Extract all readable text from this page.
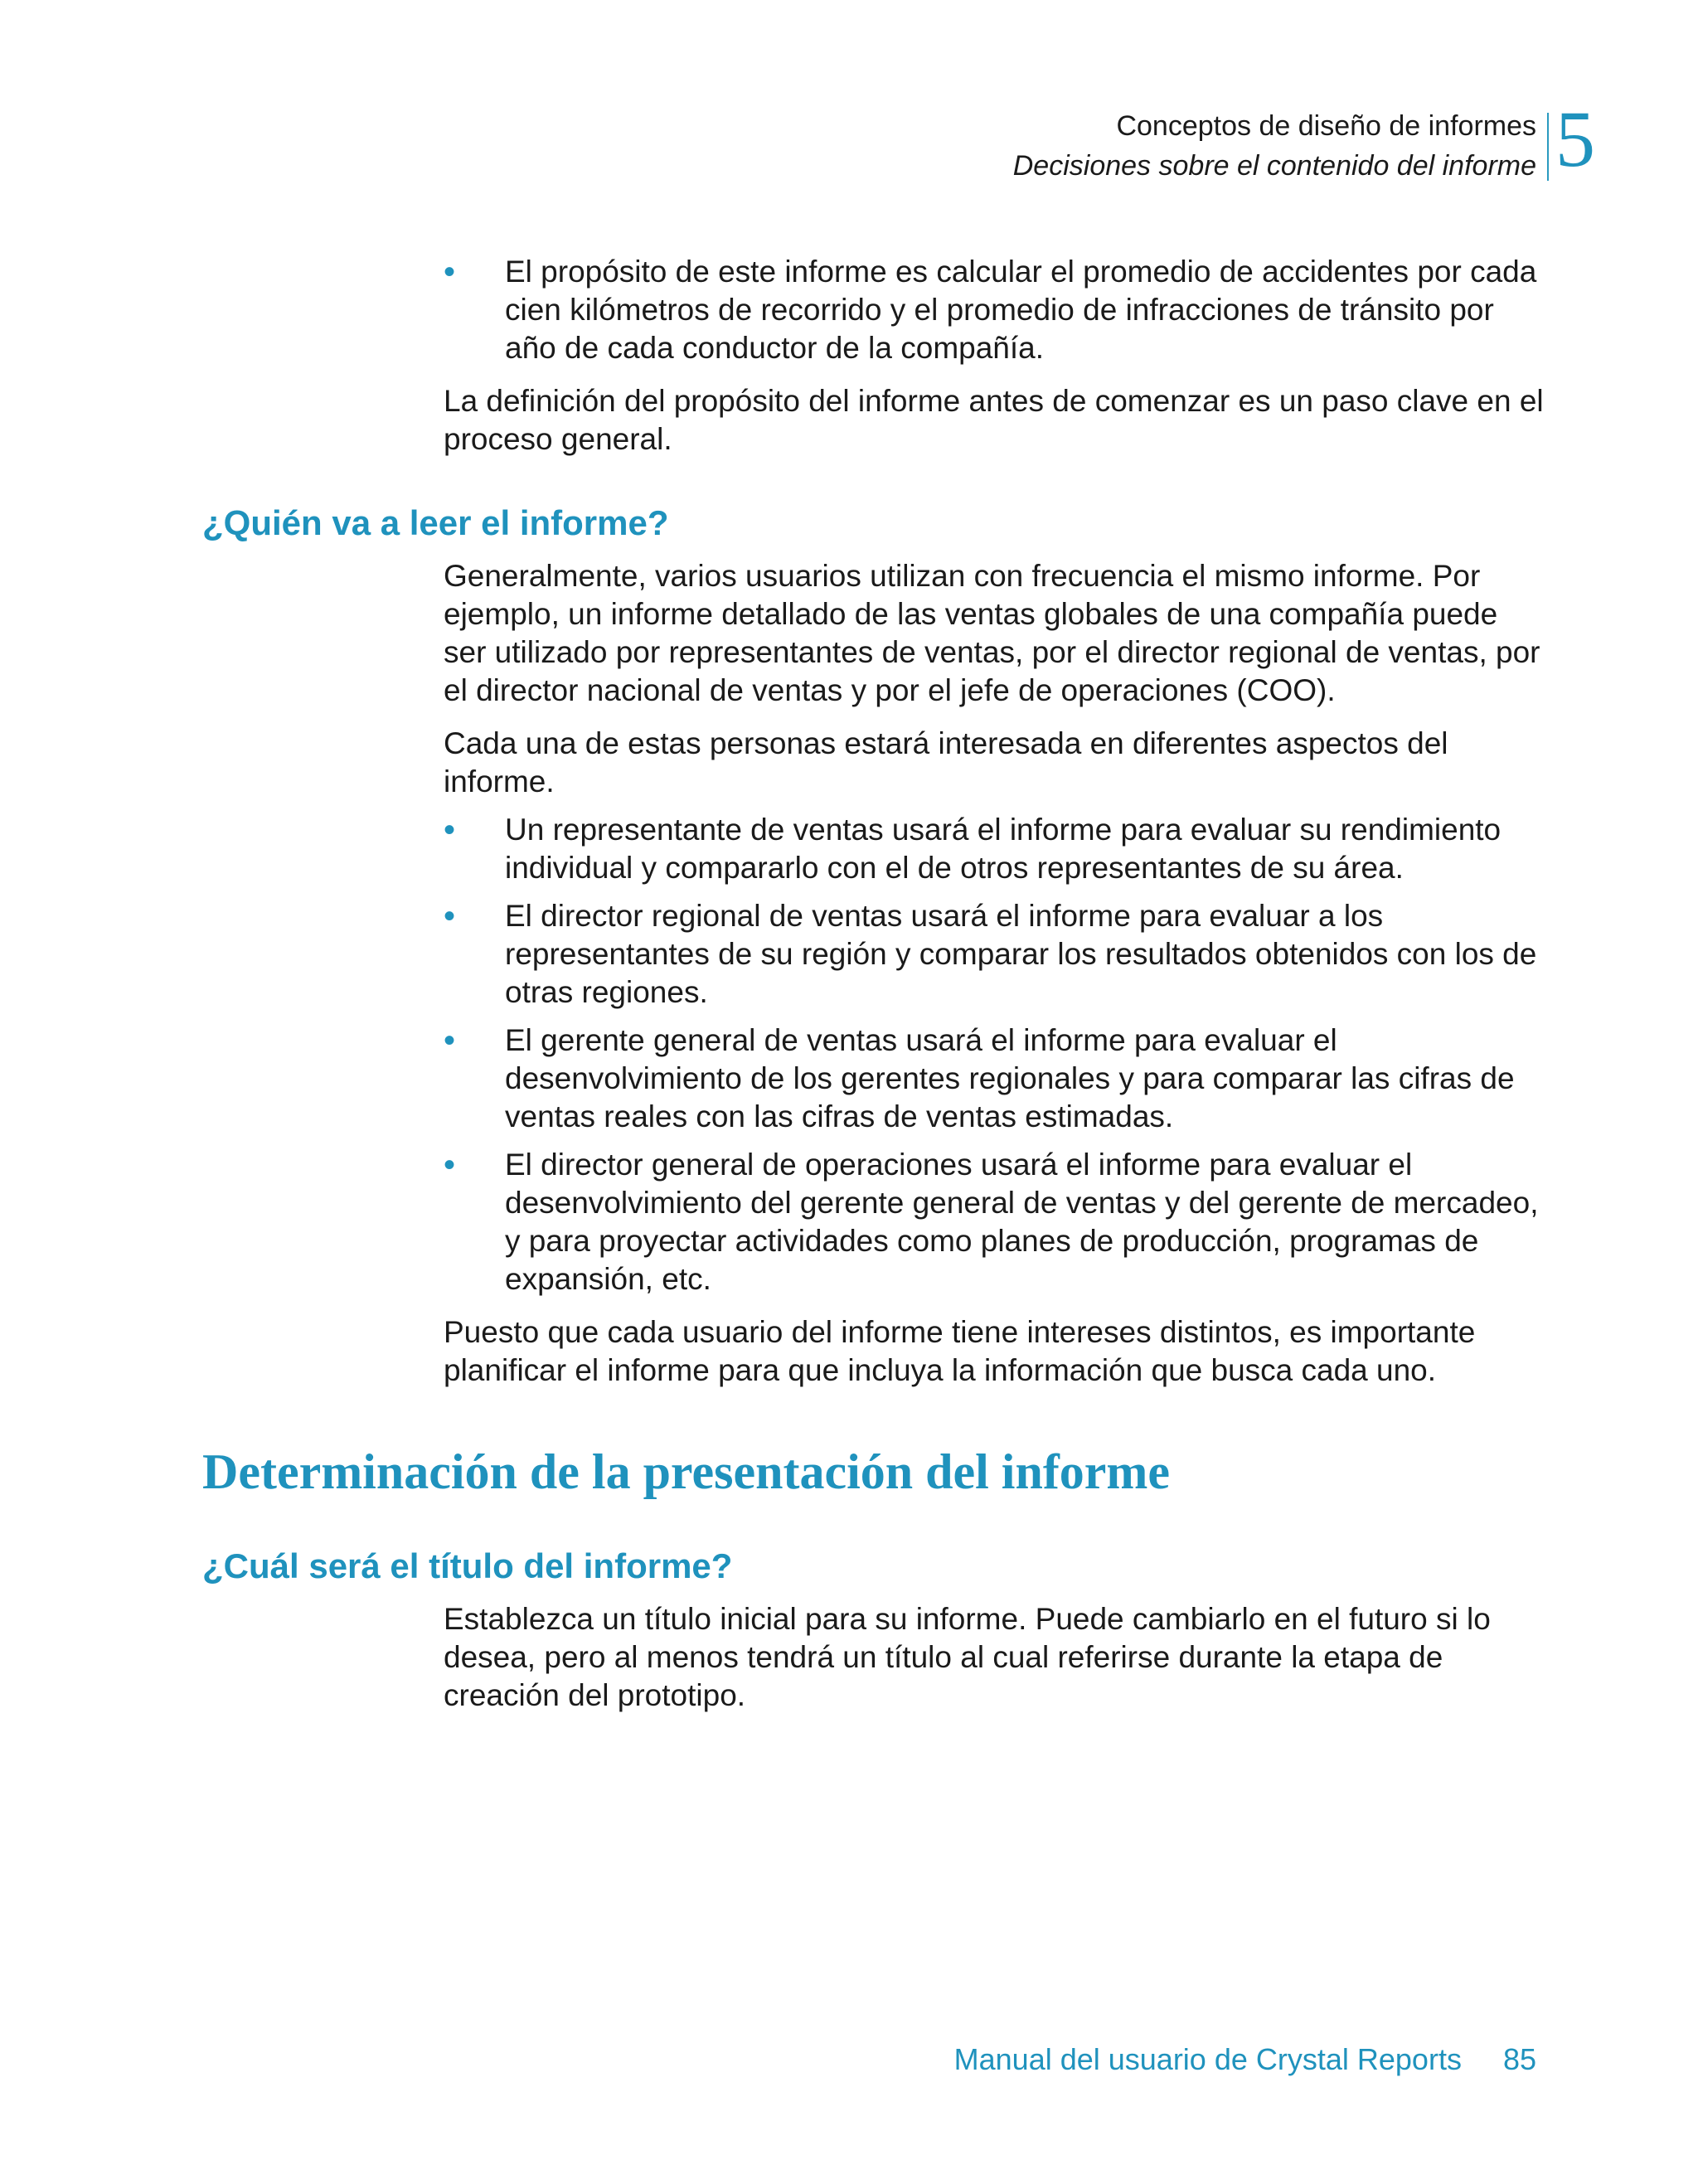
Conceptos de diseño de informes
Decisiones sobre el contenido del informe 5
•	El propósito de este informe es calcular el promedio de accidentes por cada cien kilómetros de recorrido y el promedio de infracciones de tránsito por año de cada conductor de la compañía.

La definición del propósito del informe antes de comenzar es un paso clave en el proceso general.

¿Quién va a leer el informe?

Generalmente, varios usuarios utilizan con frecuencia el mismo informe. Por ejemplo, un informe detallado de las ventas globales de una compañía puede ser utilizado por representantes de ventas, por el director regional de ventas, por el director nacional de ventas y por el jefe de operaciones (COO).

Cada una de estas personas estará interesada en diferentes aspectos del informe.

•	Un representante de ventas usará el informe para evaluar su rendimiento individual y compararlo con el de otros representantes de su área.
•	El director regional de ventas usará el informe para evaluar a los representantes de su región y comparar los resultados obtenidos con los de otras regiones.
•	El gerente general de ventas usará el informe para evaluar el desenvolvimiento de los gerentes regionales y para comparar las cifras de ventas reales con las cifras de ventas estimadas.
•	El director general de operaciones usará el informe para evaluar el desenvolvimiento del gerente general de ventas y del gerente de mercadeo, y para proyectar actividades como planes de producción, programas de expansión, etc.

Puesto que cada usuario del informe tiene intereses distintos, es importante planificar el informe para que incluya la información que busca cada uno.

Determinación de la presentación del informe
¿Cuál será el título del informe?

Establezca un título inicial para su informe. Puede cambiarlo en el futuro si lo desea, pero al menos tendrá un título al cual referirse durante la etapa de creación del prototipo.

Manual del usuario de Crystal Reports 85
